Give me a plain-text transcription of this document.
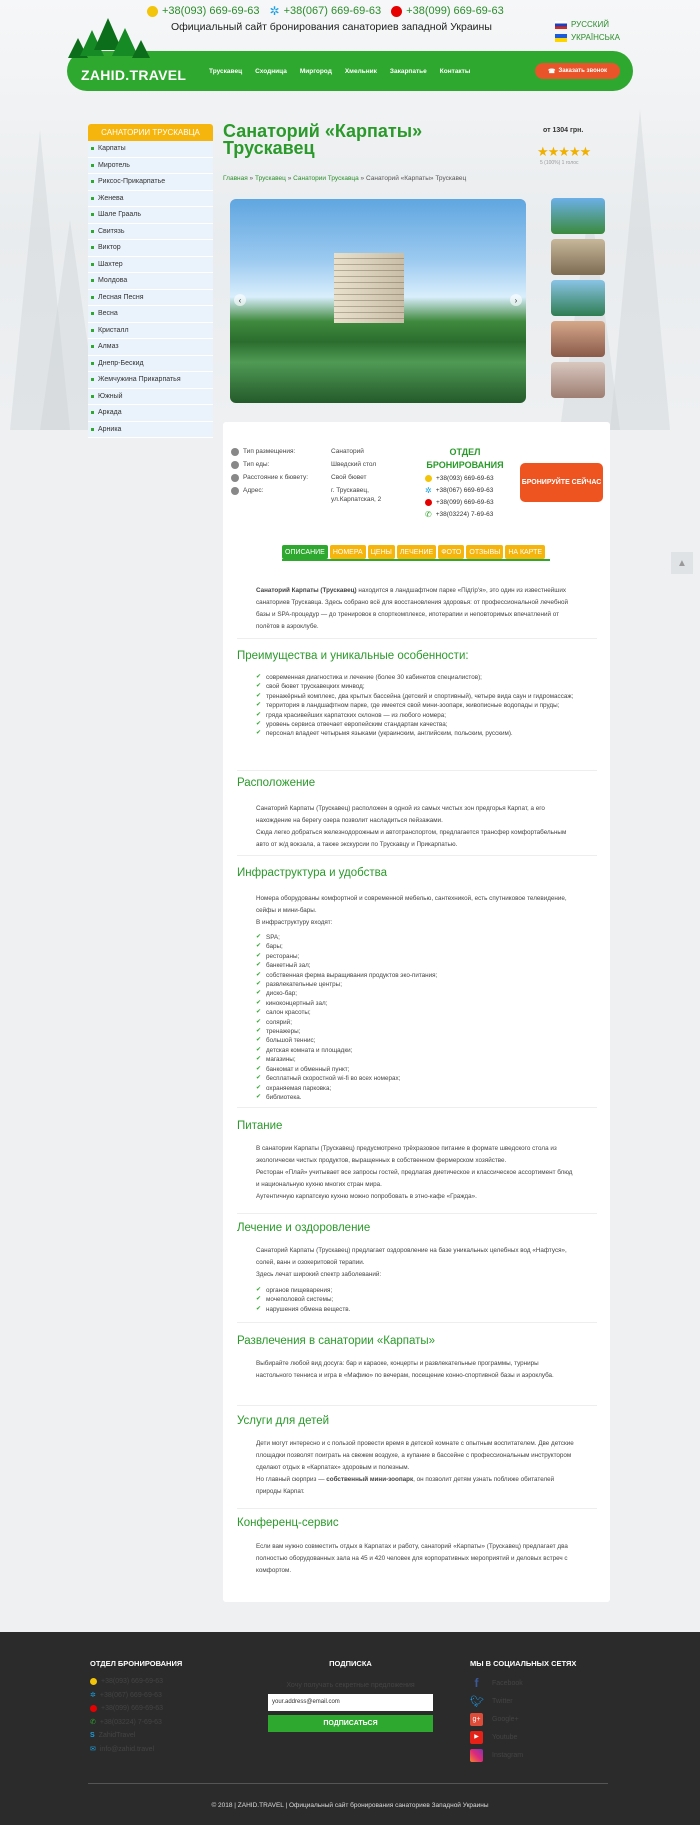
+38(093) 669-69-63 ✲ +38(067) 669-69-63 +38(099) 669-69-63
Официальный сайт бронирования санаториев западной Украины	РУССКИЙ
УКРАЇНСЬКА
ZAHID.TRAVEL	Трускавец Сходница Миргород Хмельник Закарпатье Контакты	☎ Заказать звонок
САНАТОРИИ ТРУСКАВЦА
Карпаты
Миротель
Риксос-Прикарпатье
Женева
Шале Грааль
Свитязь
Виктор
Шахтер
Молдова
Лесная Песня
Весна
Кристалл
Алмаз
Днепр-Бескид
Жемчужина Прикарпатья
Южный
Аркада
Арника
Санаторий «Карпаты» Трускавец
от 1304 грн.
★★★★★
5 (100%) 1 голос
Главная » Трускавец » Санатории Трускавца » Санаторий «Карпаты» Трускавец
‹	›
Тип размещения:	Санаторий
Тип еды:	Шведский стол
Расстояние к бювету:	Свой бювет
Адрес:	г. Трускавец, ул.Карпатская, 2
ОТДЕЛ БРОНИРОВАНИЯ
+38(093) 669-69-63
✲ +38(067) 669-69-63
+38(099) 669-69-63
✆ +38(03224) 7-69-63
БРОНИРУЙТЕ СЕЙЧАС
ОПИСАНИЕ	НОМЕРА	ЦЕНЫ	ЛЕЧЕНИЕ	ФОТО	ОТЗЫВЫ	НА КАРТЕ
Санаторий Карпаты (Трускавец) находится в ландшафтном парке «Підгір'я», это один из известнейших санаториев Трускавца. Здесь собрано всё для восстановления здоровья: от профессиональной лечебной базы и SPA-процедур — до тренировок в спорткомплексе, ипотерапии и неповторимых впечатлений от полётов в аэроклубе.
Преимущества и уникальные особенности:
✔ современная диагностика и лечение (более 30 кабинетов специалистов);
✔ свой бювет трускавецких минвод;
✔ тренажёрный комплекс, два крытых бассейна (детский и спортивный), четыре вида саун и гидромассаж;
✔ территория в ландшафтном парке, где имеется свой мини-зоопарк, живописные водопады и пруды;
✔ гряда красивейших карпатских склонов — из любого номера;
✔ уровень сервиса отвечает европейским стандартам качества;
✔ персонал владеет четырьмя языками (украинским, английским, польским, русским).
Расположение
Санаторий Карпаты (Трускавец) расположен в одной из самых чистых зон предгорья Карпат, а его нахождение на берегу озера позволит насладиться пейзажами.
Сюда легко добраться железнодорожным и автотранспортом, предлагается трансфер комфортабельным авто от ж/д вокзала, а также экскурсии по Трускавцу и Прикарпатью.
Инфраструктура и удобства
Номера оборудованы комфортной и современной мебелью, сантехникой, есть спутниковое телевидение, сейфы и мини-бары.
В инфраструктуру входят:
✔ SPA;
✔ бары;
✔ рестораны;
✔ банкетный зал;
✔ собственная ферма выращивания продуктов эко-питания;
✔ развлекательные центры;
✔ диско-бар;
✔ киноконцертный зал;
✔ салон красоты;
✔ солярий;
✔ тренажеры;
✔ большой теннис;
✔ детская комната и площадки;
✔ магазины;
✔ банкомат и обменный пункт;
✔ бесплатный скоростной wi-fi во всех номерах;
✔ охраняемая парковка;
✔ библиотека.
Питание
В санатории Карпаты (Трускавец) предусмотрено трёхразовое питание в формате шведского стола из экологически чистых продуктов, выращенных в собственном фермерском хозяйстве.
Ресторан «Плай» учитывает все запросы гостей, предлагая диетическое и классическое ассортимент блюд и национальную кухню многих стран мира.
Аутентичную карпатскую кухню можно попробовать в этно-кафе «Гражда».
Лечение и оздоровление
Санаторий Карпаты (Трускавец) предлагает оздоровление на базе уникальных целебных вод «Нафтуся», солей, ванн и озокеритовой терапии.
Здесь лечат широкий спектр заболеваний:
✔ органов пищеварения;
✔ мочеполовой системы;
✔ нарушения обмена веществ.
Развлечения в санатории «Карпаты»
Выбирайте любой вид досуга: бар и караоке, концерты и развлекательные программы, турниры настольного тенниса и игра в «Мафию» по вечерам, посещение конно-спортивной базы и аэроклуба.
Услуги для детей
Дети могут интересно и с пользой провести время в детской комнате с опытным воспитателем. Две детские площадки позволят поиграть на свежем воздухе, а купание в бассейне с профессиональным инструктором сделают отдых в «Карпатах» здоровым и полезным.
Но главный сюрприз — собственный мини-зоопарк, он позволит детям узнать поближе обитателей природы Карпат.
Конференц-сервис
Если вам нужно совместить отдых в Карпатах и работу, санаторий «Карпаты» (Трускавец) предлагает два полностью оборудованных зала на 45 и 420 человек для корпоративных мероприятий и деловых встреч с комфортом.
▲
ОТДЕЛ БРОНИРОВАНИЯ
+38(093) 669-69-63
✲ +38(067) 669-69-63
+38(099) 669-69-63
✆ +38(03224) 7-69-63
S ZahidTravel
✉ info@zahid.travel
ПОДПИСКА
Хочу получать секретные предложения
your.address@email.com
ПОДПИСАТЬСЯ
МЫ В СОЦИАЛЬНЫХ СЕТЯХ
f	Facebook
🐦︎ Twitter
g+	Google+
▶	Youtube
Instagram
© 2018 | ZAHID.TRAVEL | Официальный сайт бронирования санаториев Западной Украины
